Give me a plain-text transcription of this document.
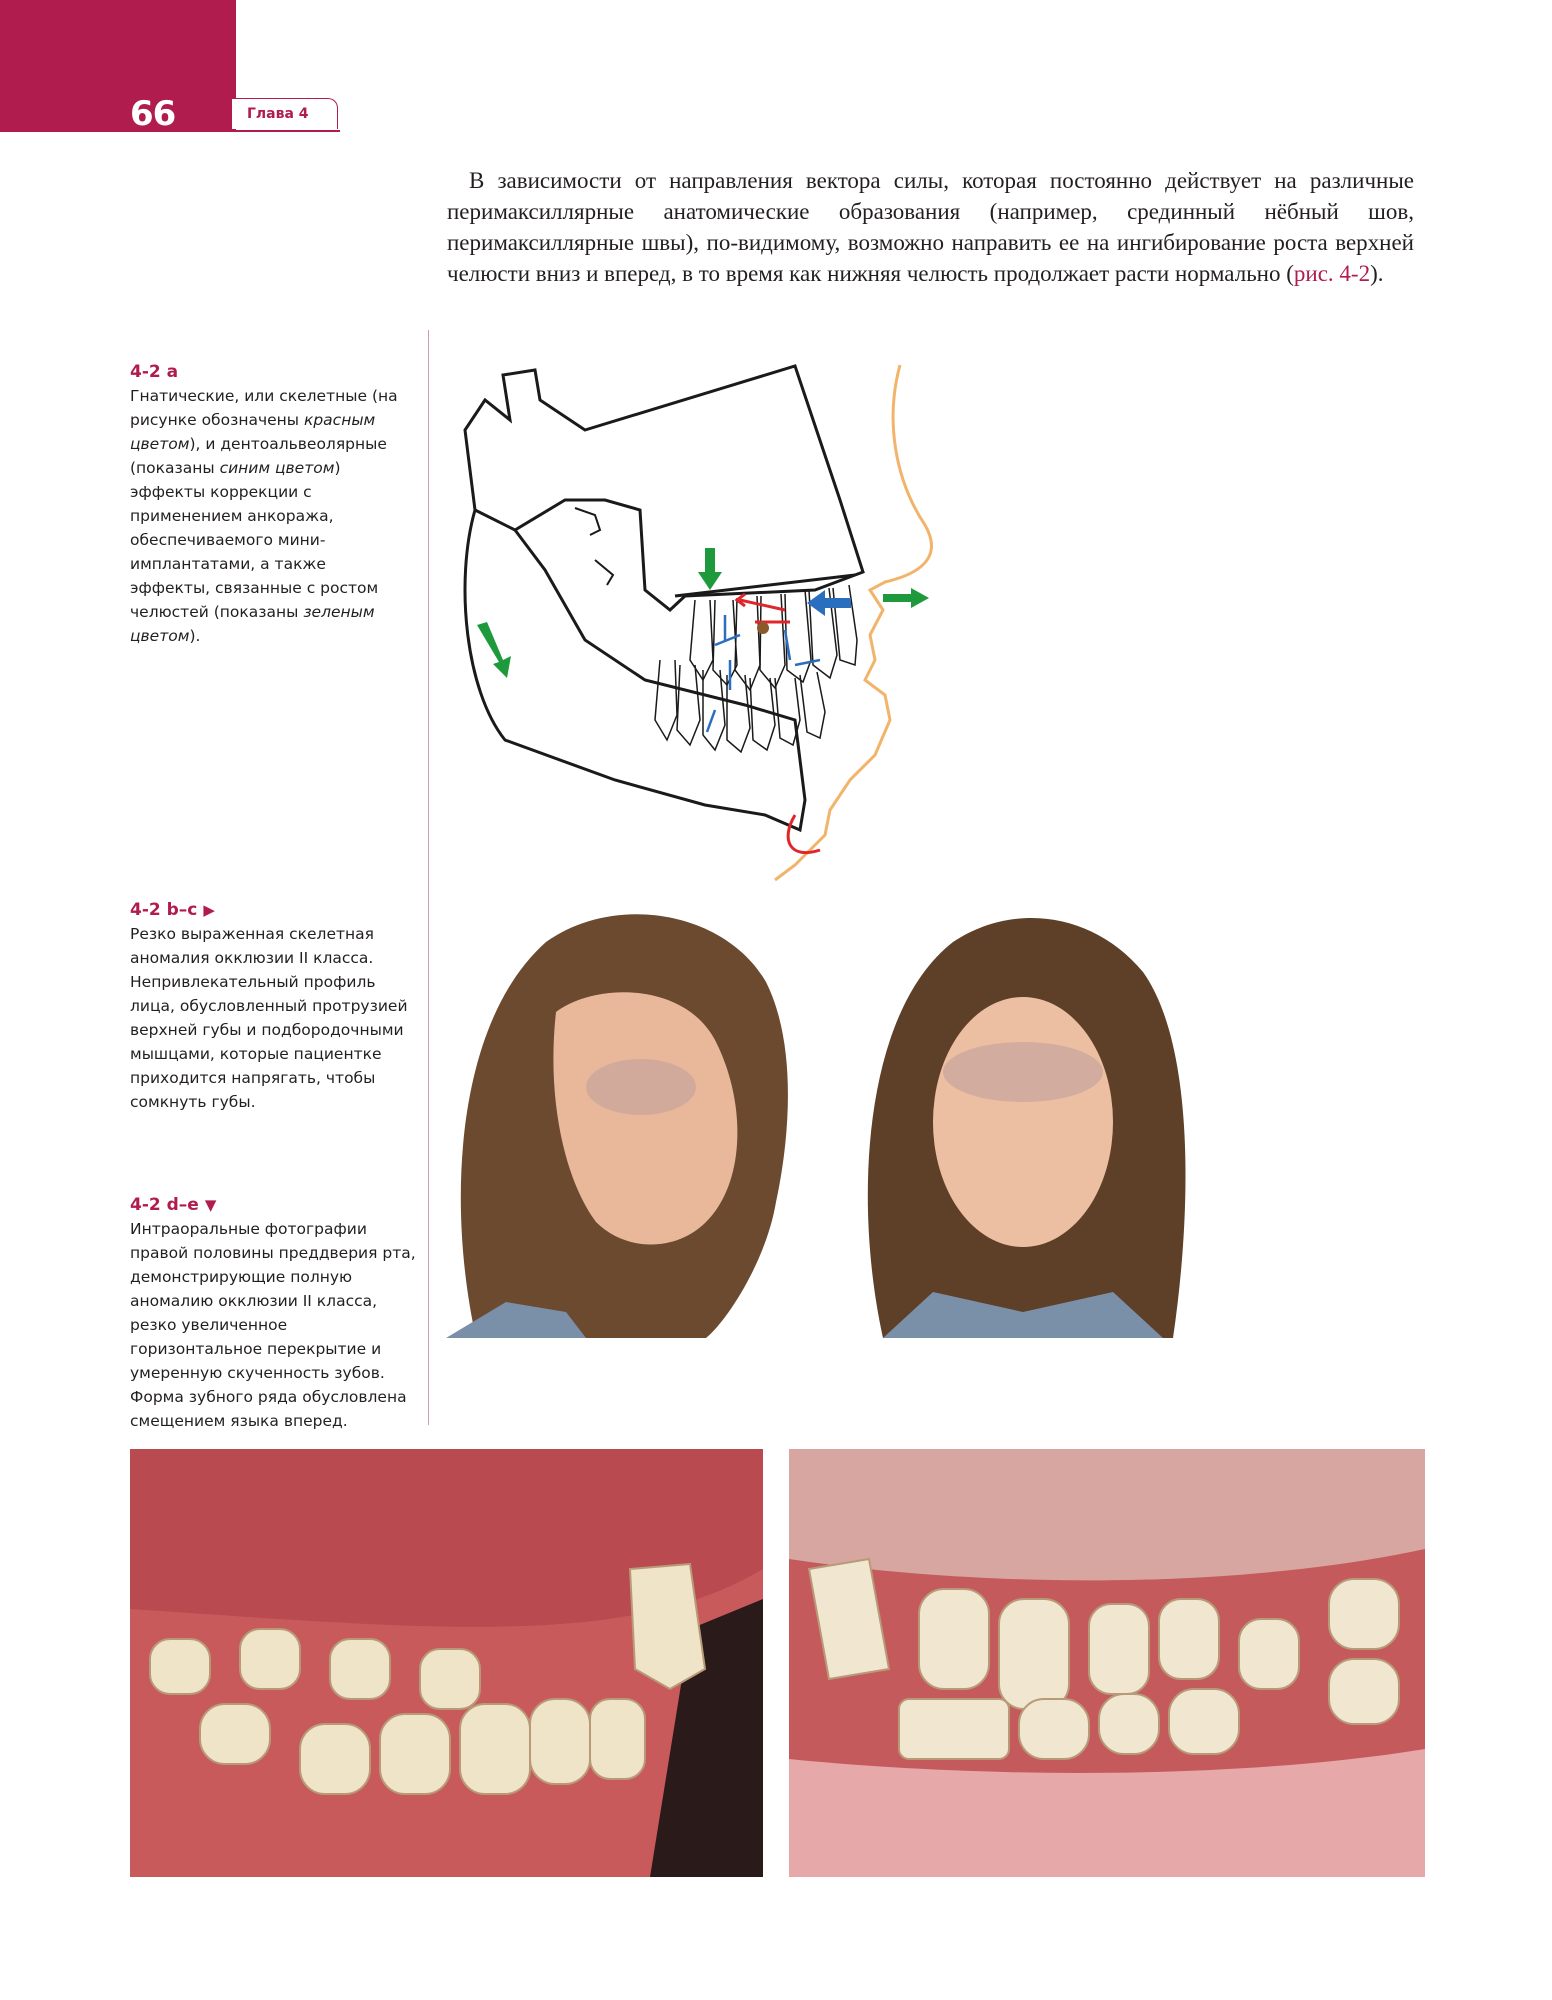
66	Глава 4

В зависимости от направления вектора силы, которая постоянно действует на различные перимаксиллярные анатомические образования (например, срединный нёбный шов, перимаксиллярные швы), по-видимому, возможно направить ее на ингибирование роста верхней челюсти вниз и вперед, в то время как нижняя челюсть продолжает расти нормально (рис. 4-2).

4-2 a

Гнатические, или скелетные (на рисунке обозначены красным цветом), и дентоальвеолярные (показаны синим цветом) эффекты коррекции с применением анкоража, обеспечиваемого мини-имплантатами, а также эффекты, связанные с ростом челюстей (показаны зеленым цветом).

4-2 b–c ▶

Резко выраженная скелетная аномалия окклюзии II класса. Непривлекательный профиль лица, обусловленный протрузией верхней губы и подбородочными мышцами, которые пациентке приходится напрягать, чтобы сомкнуть губы.

4-2 d–e ▼

Интраоральные фотографии правой половины преддверия рта, демонстрирующие полную аномалию окклюзии II класса, резко увеличенное горизонтальное перекрытие и умеренную скученность зубов. Форма зубного ряда обусловлена смещением языка вперед.
